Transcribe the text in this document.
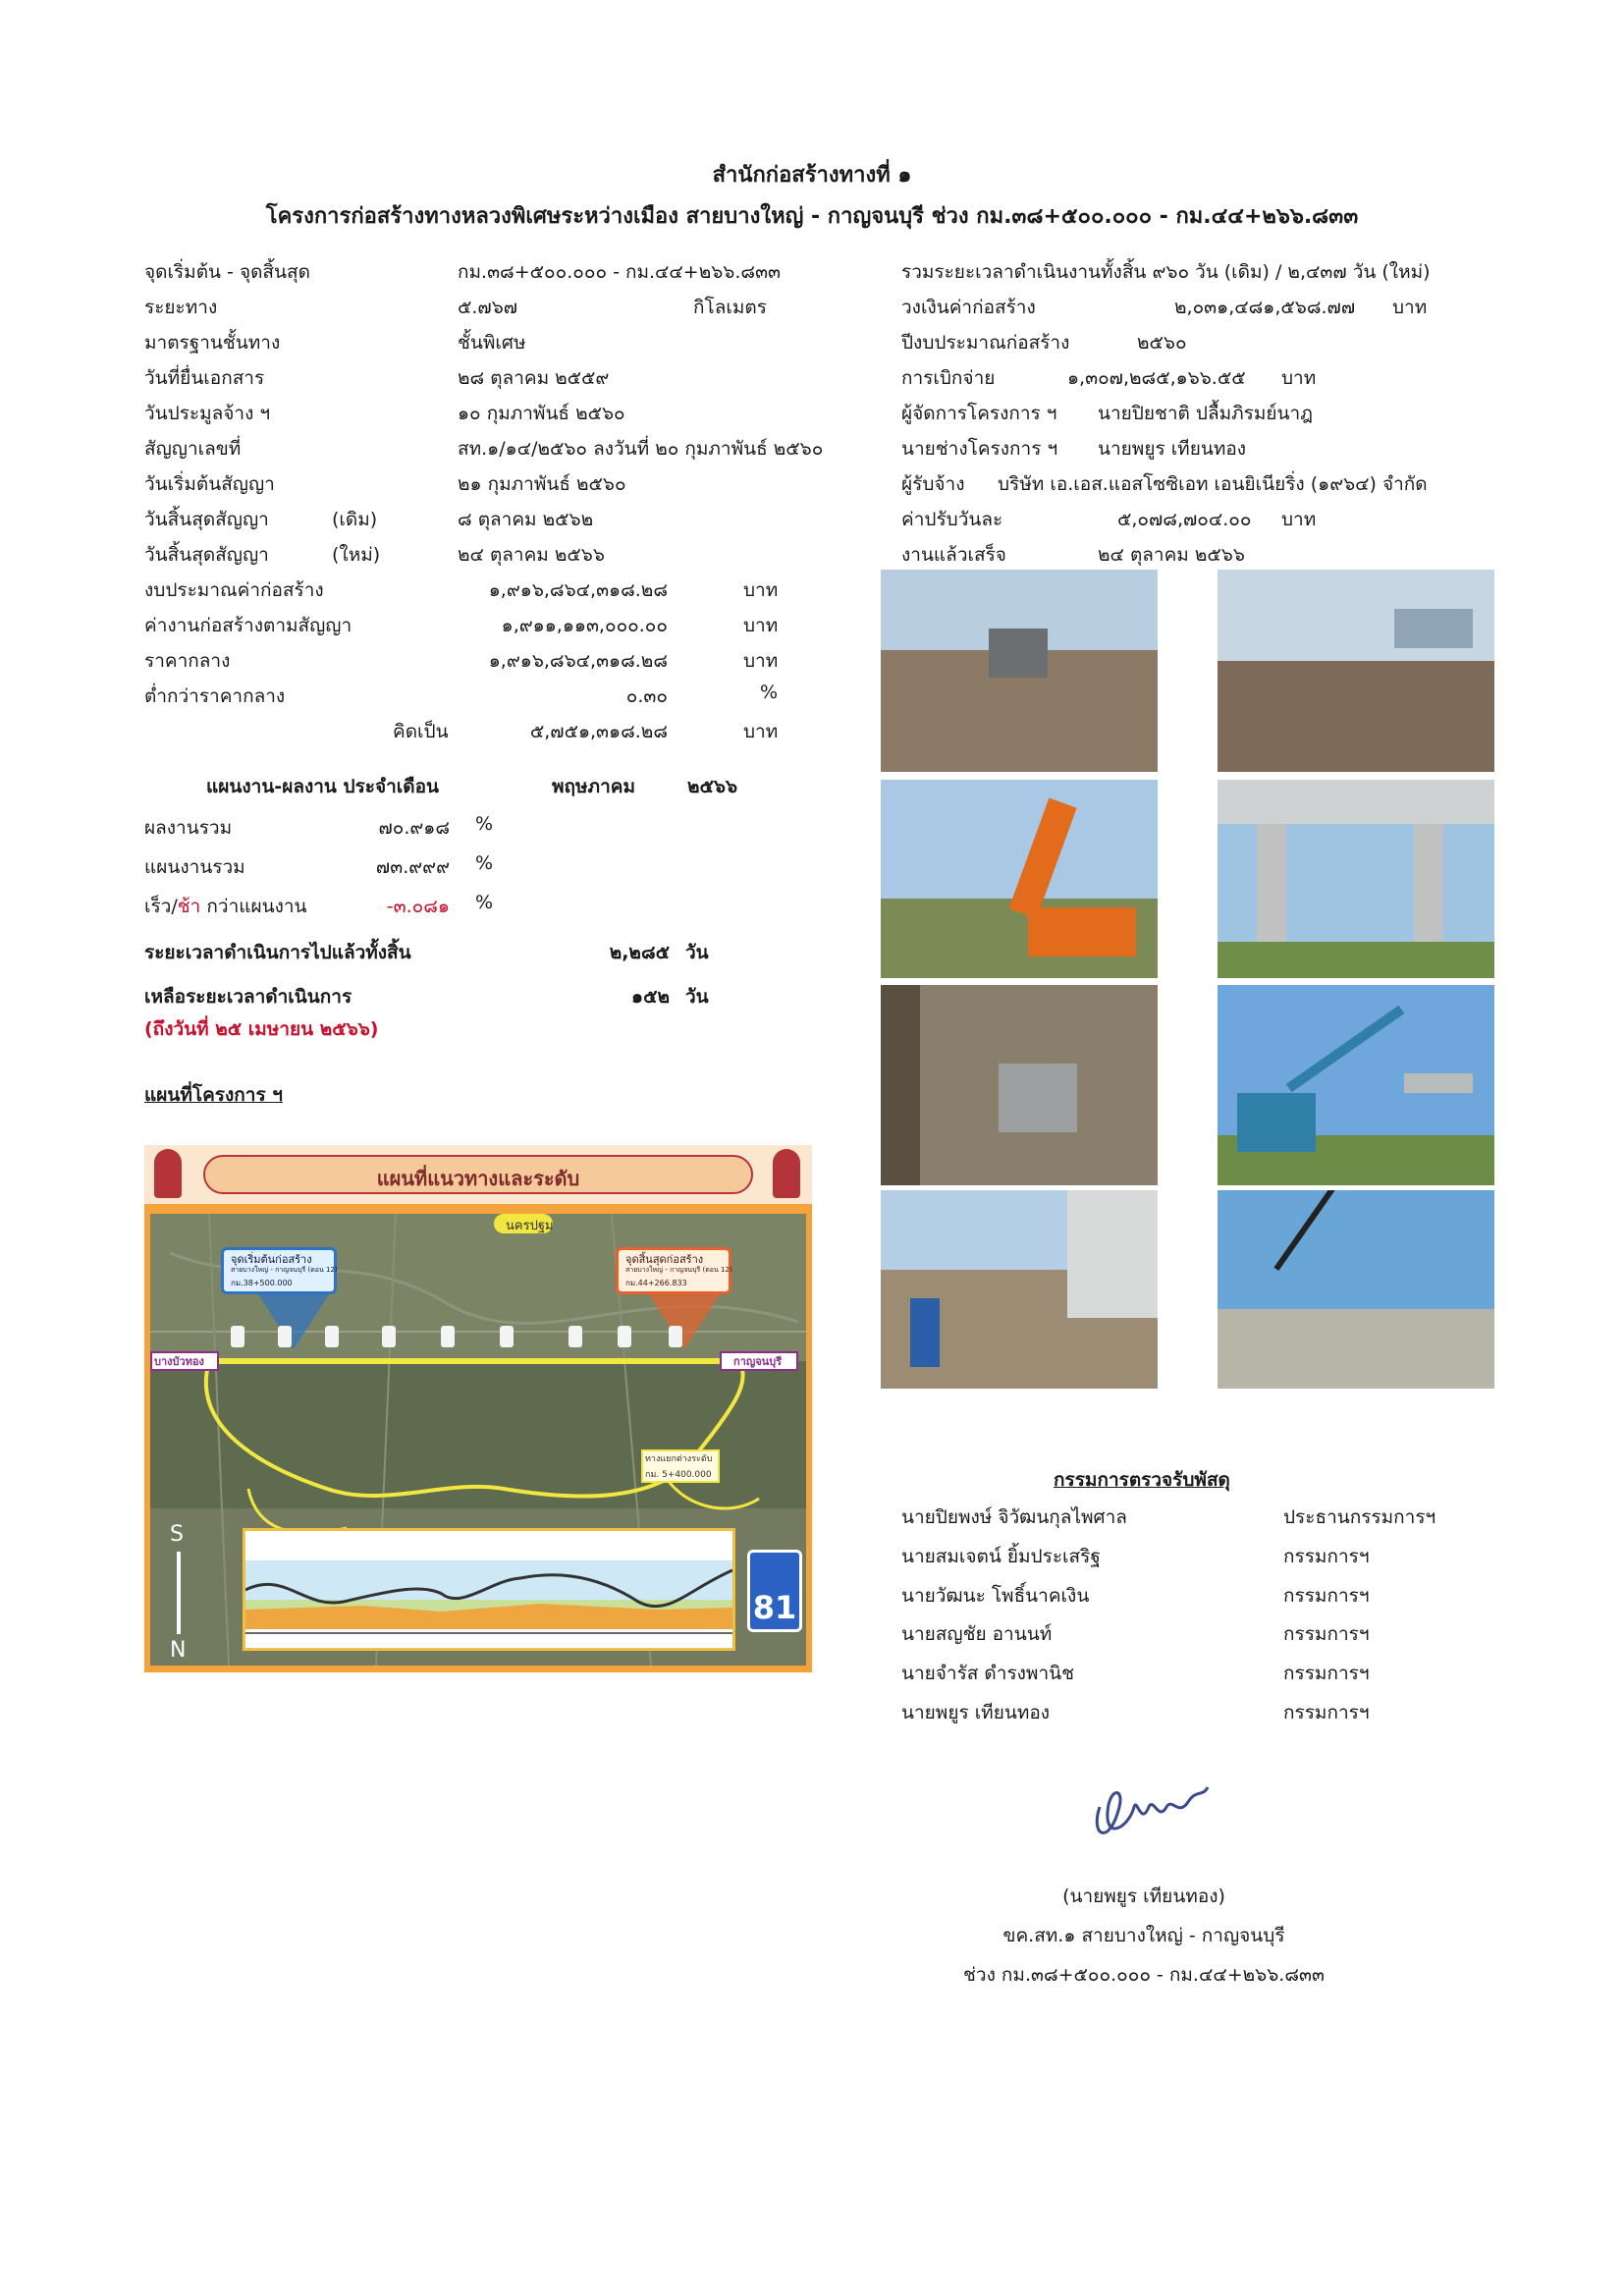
สำนักก่อสร้างทางที่ ๑
โครงการก่อสร้างทางหลวงพิเศษระหว่างเมือง สายบางใหญ่ - กาญจนบุรี ช่วง กม.๓๘+๕๐๐.๐๐๐ - กม.๔๔+๒๖๖.๘๓๓
จุดเริ่มต้น - จุดสิ้นสุด	กม.๓๘+๕๐๐.๐๐๐ - กม.๔๔+๒๖๖.๘๓๓
ระยะทาง	๕.๗๖๗	กิโลเมตร
มาตรฐานชั้นทาง	ชั้นพิเศษ
วันที่ยื่นเอกสาร	๒๘ ตุลาคม ๒๕๕๙
วันประมูลจ้าง ฯ	๑๐ กุมภาพันธ์ ๒๕๖๐
สัญญาเลขที่	สท.๑/๑๔/๒๕๖๐ ลงวันที่ ๒๐ กุมภาพันธ์ ๒๕๖๐
วันเริ่มต้นสัญญา	๒๑ กุมภาพันธ์ ๒๕๖๐
วันสิ้นสุดสัญญา	(เดิม)	๘ ตุลาคม ๒๕๖๒
วันสิ้นสุดสัญญา	(ใหม่)	๒๔ ตุลาคม ๒๕๖๖
งบประมาณค่าก่อสร้าง	๑,๙๑๖,๘๖๔,๓๑๘.๒๘	บาท
ค่างานก่อสร้างตามสัญญา	๑,๙๑๑,๑๑๓,๐๐๐.๐๐	บาท
ราคากลาง	๑,๙๑๖,๘๖๔,๓๑๘.๒๘	บาท
ต่ำกว่าราคากลาง	๐.๓๐	%
คิดเป็น	๕,๗๕๑,๓๑๘.๒๘	บาท
รวมระยะเวลาดำเนินงานทั้งสิ้น ๙๖๐ วัน (เดิม) / ๒,๔๓๗ วัน (ใหม่)
วงเงินค่าก่อสร้าง	๒,๐๓๑,๔๘๑,๕๖๘.๗๗ บาท
ปีงบประมาณก่อสร้าง	๒๕๖๐
การเบิกจ่าย	๑,๓๐๗,๒๘๕,๑๖๖.๕๕ บาท
ผู้จัดการโครงการ ฯ นายปิยชาติ ปลื้มภิรมย์นาฎ
นายช่างโครงการ ฯ นายพยูร เทียนทอง
ผู้รับจ้าง บริษัท เอ.เอส.แอสโซซิเอท เอนยิเนียริ่ง (๑๙๖๔) จำกัด
ค่าปรับวันละ	๕,๐๗๘,๗๐๔.๐๐ บาท
งานแล้วเสร็จ	๒๔ ตุลาคม ๒๕๖๖
แผนงาน-ผลงาน ประจำเดือน	พฤษภาคม	๒๕๖๖
ผลงานรวม	๗๐.๙๑๘ %
แผนงานรวม	๗๓.๙๙๙ %
เร็ว/ช้า กว่าแผนงาน	-๓.๐๘๑ %
ระยะเวลาดำเนินการไปแล้วทั้งสิ้น	๒,๒๘๕ วัน
เหลือระยะเวลาดำเนินการ	๑๕๒ วัน
(ถึงวันที่ ๒๕ เมษายน ๒๕๖๖)
แผนที่โครงการ ฯ
แผนที่แนวทางและระดับ
นครปฐม
จุดเริ่มต้นก่อสร้าง
สายบางใหญ่ - กาญจนบุรี (ตอน 12)
กม.38+500.000
จุดสิ้นสุดก่อสร้าง
สายบางใหญ่ - กาญจนบุรี (ตอน 12)
กม.44+266.833
บางบัวทอง	กาญจนบุรี
ทางแยกต่างระดับ
กม. 5+400.000
81
S
N
กรรมการตรวจรับพัสดุ
นายปิยพงษ์ จิวัฒนกุลไพศาล	ประธานกรรมการฯ
นายสมเจตน์ ยิ้มประเสริฐ	กรรมการฯ
นายวัฒนะ โพธิ์นาคเงิน	กรรมการฯ
นายสญชัย อานนท์	กรรมการฯ
นายจำรัส ดำรงพานิช	กรรมการฯ
นายพยูร เทียนทอง	กรรมการฯ
(นายพยูร เทียนทอง)
ขค.สท.๑ สายบางใหญ่ - กาญจนบุรี
ช่วง กม.๓๘+๕๐๐.๐๐๐ - กม.๔๔+๒๖๖.๘๓๓
